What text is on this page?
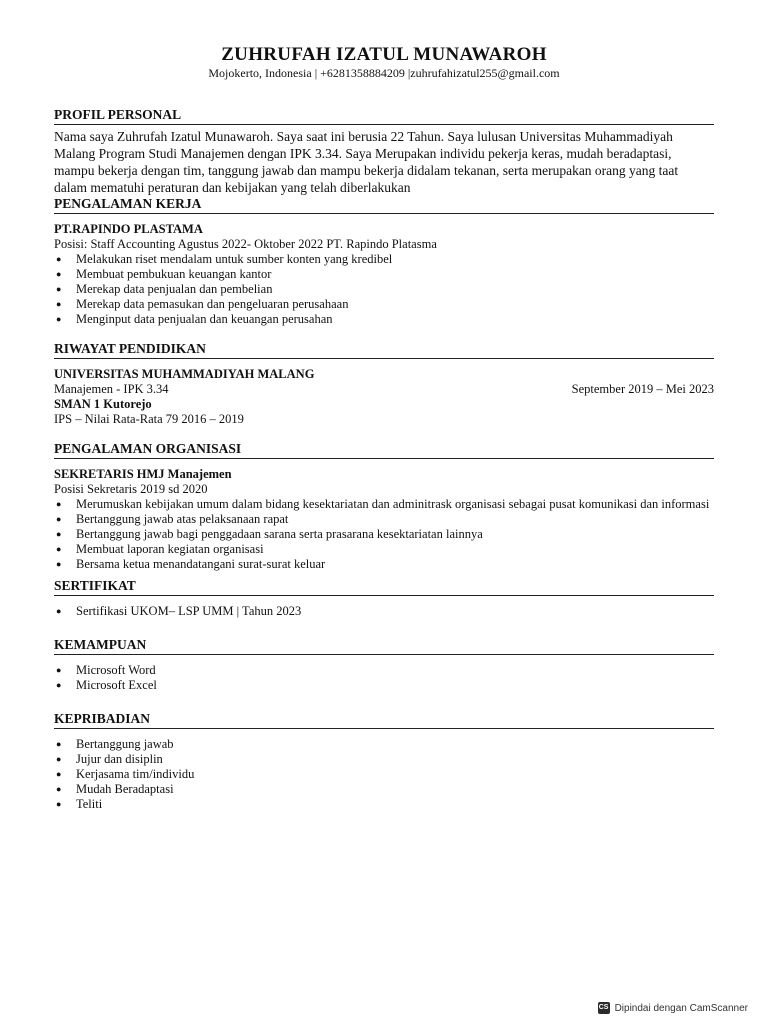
ZUHRUFAH IZATUL MUNAWAROH
Mojokerto, Indonesia | +6281358884209 |zuhrufahizatul255@gmail.com
PROFIL PERSONAL
Nama saya Zuhrufah Izatul Munawaroh. Saya saat ini berusia 22 Tahun. Saya lulusan Universitas Muhammadiyah Malang Program Studi Manajemen dengan IPK 3.34. Saya Merupakan individu pekerja keras, mudah beradaptasi, mampu bekerja dengan tim, tanggung jawab dan mampu bekerja didalam tekanan, serta merupakan orang yang taat dalam mematuhi peraturan dan kebijakan yang telah diberlakukan
PENGALAMAN KERJA
PT.RAPINDO PLASTAMA
Posisi: Staff Accounting Agustus 2022- Oktober 2022 PT. Rapindo Platasma
● Melakukan riset mendalam untuk sumber konten yang kredibel
● Membuat pembukuan keuangan kantor
● Merekap data penjualan dan pembelian
● Merekap data pemasukan dan pengeluaran perusahaan
● Menginput data penjualan dan keuangan perusahan
RIWAYAT PENDIDIKAN
UNIVERSITAS MUHAMMADIYAH MALANG
Manajemen - IPK 3.34	September 2019 – Mei 2023
SMAN 1 Kutorejo
IPS – Nilai Rata-Rata 79 2016 – 2019
PENGALAMAN ORGANISASI
SEKRETARIS HMJ Manajemen
Posisi Sekretaris 2019 sd 2020
● Merumuskan kebijakan umum dalam bidang kesektariatan dan adminitrask organisasi sebagai pusat komunikasi dan informasi
● Bertanggung jawab atas pelaksanaan rapat
● Bertanggung jawab bagi penggadaan sarana serta prasarana kesektariatan lainnya
● Membuat laporan kegiatan organisasi
● Bersama ketua menandatangani surat-surat keluar
SERTIFIKAT
● Sertifikasi UKOM– LSP UMM | Tahun 2023
KEMAMPUAN
● Microsoft Word
● Microsoft Excel
KEPRIBADIAN
● Bertanggung jawab
● Jujur dan disiplin
● Kerjasama tim/individu
● Mudah Beradaptasi
● Teliti
CS Dipindai dengan CamScanner
